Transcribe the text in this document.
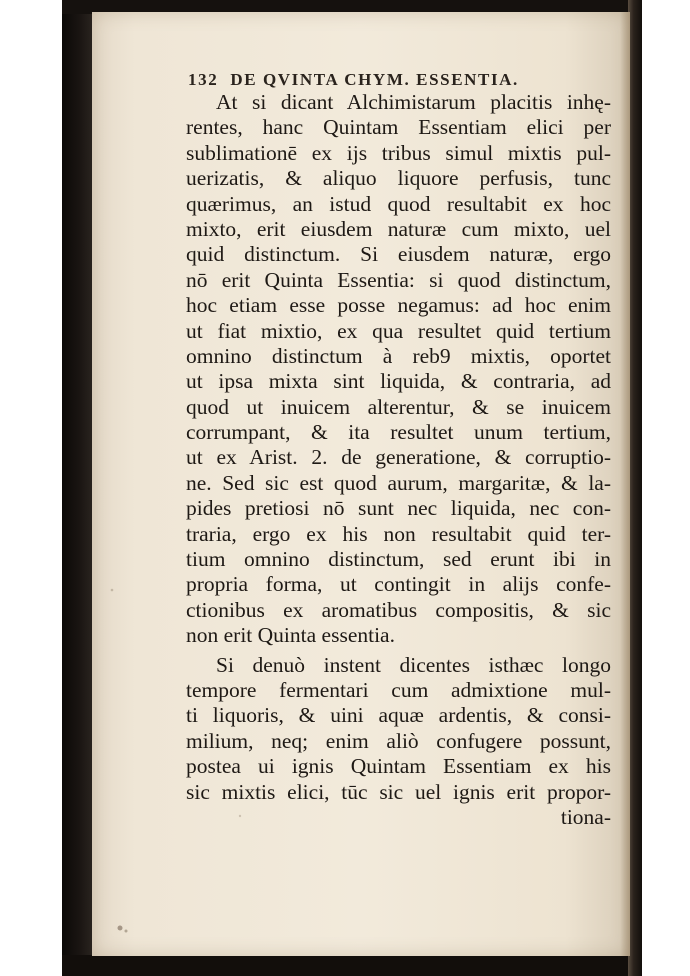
132 DE QVINTA CHYM. ESSENTIA.
At si dicant Alchimistarum placitis inhę-
rentes, hanc Quintam Essentiam elici per
sublimationē ex ijs tribus simul mixtis pul-
uerizatis, & aliquo liquore perfusis, tunc
quærimus, an istud quod resultabit ex hoc
mixto, erit eiusdem naturæ cum mixto, uel
quid distinctum. Si eiusdem naturæ, ergo
nō erit Quinta Essentia: si quod distinctum,
hoc etiam esse posse negamus: ad hoc enim
ut fiat mixtio, ex qua resultet quid tertium
omnino distinctum à reb9 mixtis, oportet
ut ipsa mixta sint liquida, & contraria, ad
quod ut inuicem alterentur, & se inuicem
corrumpant, & ita resultet unum tertium,
ut ex Arist. 2. de generatione, & corruptio-
ne. Sed sic est quod aurum, margaritæ, & la-
pides pretiosi nō sunt nec liquida, nec con-
traria, ergo ex his non resultabit quid ter-
tium omnino distinctum, sed erunt ibi in
propria forma, ut contingit in alijs confe-
ctionibus ex aromatibus compositis, & sic
non erit Quinta essentia.
Si denuò instent dicentes isthæc longo
tempore fermentari cum admixtione mul-
ti liquoris, & uini aquæ ardentis, & consi-
milium, neq; enim aliò confugere possunt,
postea ui ignis Quintam Essentiam ex his
sic mixtis elici, tūc sic uel ignis erit propor-
tiona-
